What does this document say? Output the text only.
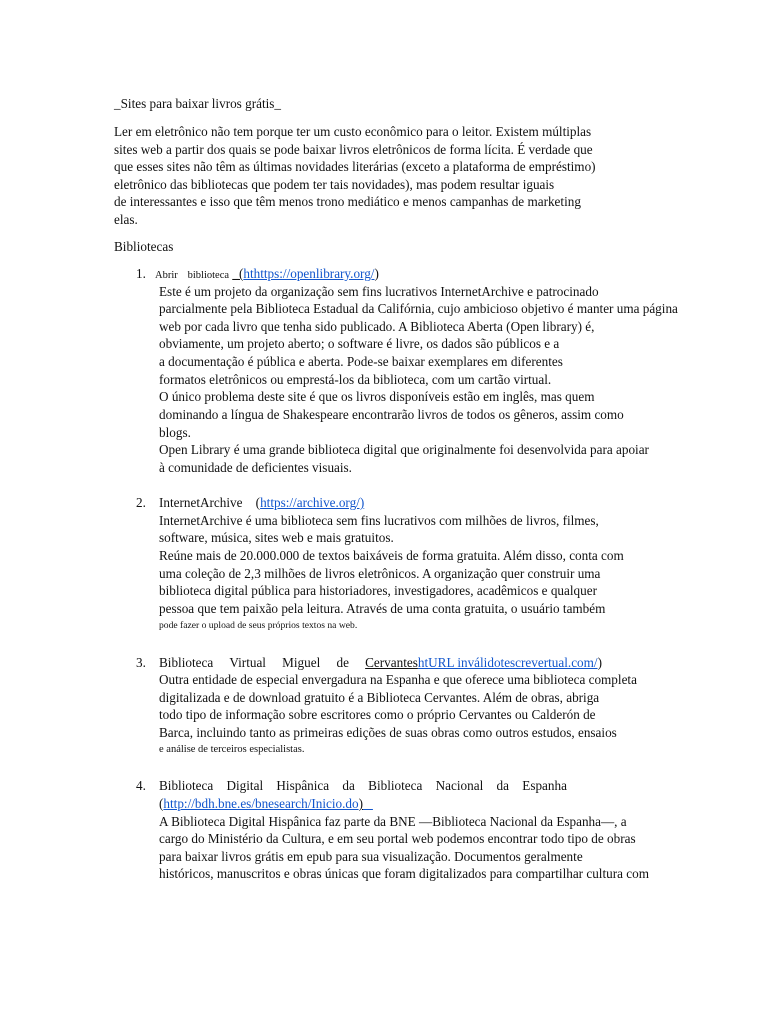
_Sites para baixar livros grátis_
Ler em eletrônico não tem porque ter um custo econômico para o leitor. Existem múltiplas
sites web a partir dos quais se pode baixar livros eletrônicos de forma lícita. É verdade que
que esses sites não têm as últimas novidades literárias (exceto a plataforma de empréstimo)
eletrônico das bibliotecas que podem ter tais novidades), mas podem resultar iguais
de interessantes e isso que têm menos trono mediático e menos campanhas de marketing
elas.
Bibliotecas
1. Abrir biblioteca _(hthttps://openlibrary.org/)
Este é um projeto da organização sem fins lucrativos InternetArchive e patrocinado
parcialmente pela Biblioteca Estadual da Califórnia, cujo ambicioso objetivo é manter uma página
web por cada livro que tenha sido publicado. A Biblioteca Aberta (Open library) é,
obviamente, um projeto aberto; o software é livre, os dados são públicos e a
a documentação é pública e aberta. Pode-se baixar exemplares em diferentes
formatos eletrônicos ou emprestá-los da biblioteca, com um cartão virtual.
O único problema deste site é que os livros disponíveis estão em inglês, mas quem
dominando a língua de Shakespeare encontrarão livros de todos os gêneros, assim como
blogs.
Open Library é uma grande biblioteca digital que originalmente foi desenvolvida para apoiar
à comunidade de deficientes visuais.
2. InternetArchive (https://archive.org/)
InternetArchive é uma biblioteca sem fins lucrativos com milhões de livros, filmes,
software, música, sites web e mais gratuitos.
Reúne mais de 20.000.000 de textos baixáveis de forma gratuita. Além disso, conta com
uma coleção de 2,3 milhões de livros eletrônicos. A organização quer construir uma
biblioteca digital pública para historiadores, investigadores, acadêmicos e qualquer
pessoa que tem paixão pela leitura. Através de uma conta gratuita, o usuário também
pode fazer o upload de seus próprios textos na web.
3. Biblioteca Virtual Miguel de CervanteshtURL inválidotescrevertual.com/)
Outra entidade de especial envergadura na Espanha e que oferece uma biblioteca completa
digitalizada e de download gratuito é a Biblioteca Cervantes. Além de obras, abriga
todo tipo de informação sobre escritores como o próprio Cervantes ou Calderón de
Barca, incluindo tanto as primeiras edições de suas obras como outros estudos, ensaios
e análise de terceiros especialistas.
4. Biblioteca Digital Hispânica da Biblioteca Nacional da Espanha
(http://bdh.bne.es/bnesearch/Inicio.do)
A Biblioteca Digital Hispânica faz parte da BNE —Biblioteca Nacional da Espanha—, a
cargo do Ministério da Cultura, e em seu portal web podemos encontrar todo tipo de obras
para baixar livros grátis em epub para sua visualização. Documentos geralmente
históricos, manuscritos e obras únicas que foram digitalizados para compartilhar cultura com
